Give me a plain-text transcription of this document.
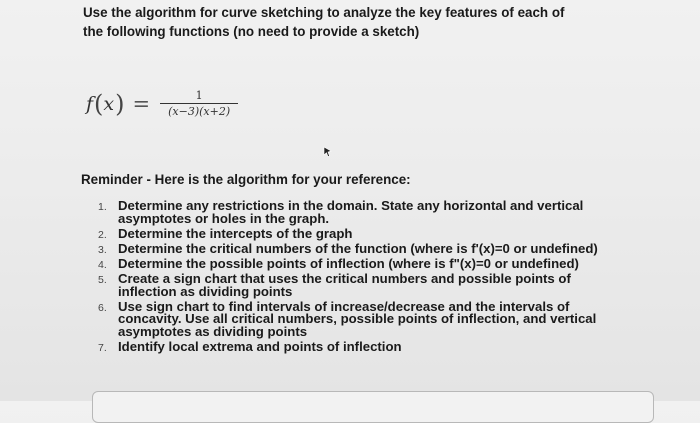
Use the algorithm for curve sketching to analyze the key features of each of
the following functions (no need to provide a sketch)
f ( x ) = $\frac{1}{(x-3)(x+2)}$
Reminder - Here is the algorithm for your reference:
1. Determine any restrictions in the domain. State any horizontal and vertical asymptotes or holes in the graph.
2. Determine the intercepts of the graph
3. Determine the critical numbers of the function (where is f'(x)=0 or undefined)
4. Determine the possible points of inflection (where is f"(x)=0 or undefined)
5. Create a sign chart that uses the critical numbers and possible points of inflection as dividing points
6. Use sign chart to find intervals of increase/decrease and the intervals of concavity. Use all critical numbers, possible points of inflection, and vertical asymptotes as dividing points
7. Identify local extrema and points of inflection
